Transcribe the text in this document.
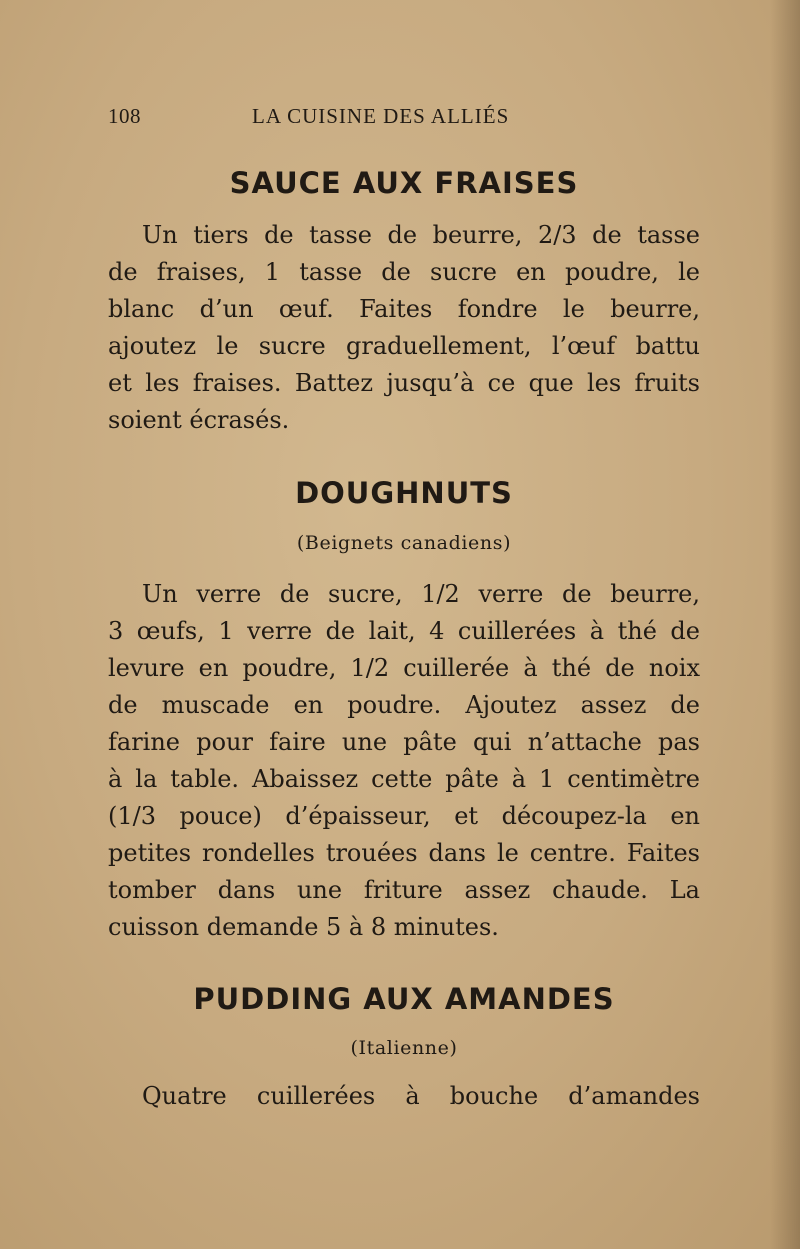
108	LA CUISINE DES ALLIÉS
SAUCE AUX FRAISES
Un tiers de tasse de beurre, 2/3 de tasse
de fraises, 1 tasse de sucre en poudre, le
blanc d’un œuf. Faites fondre le beurre,
ajoutez le sucre graduellement, l’œuf battu
et les fraises. Battez jusqu’à ce que les fruits
soient écrasés.
DOUGHNUTS
(Beignets canadiens)
Un verre de sucre, 1/2 verre de beurre,
3 œufs, 1 verre de lait, 4 cuillerées à thé de
levure en poudre, 1/2 cuillerée à thé de noix
de muscade en poudre. Ajoutez assez de
farine pour faire une pâte qui n’attache pas
à la table. Abaissez cette pâte à 1 centimètre
(1/3 pouce) d’épaisseur, et découpez-la en
petites rondelles trouées dans le centre. Faites
tomber dans une friture assez chaude. La
cuisson demande 5 à 8 minutes.
PUDDING AUX AMANDES
(Italienne)
Quatre cuillerées à bouche d’amandes
